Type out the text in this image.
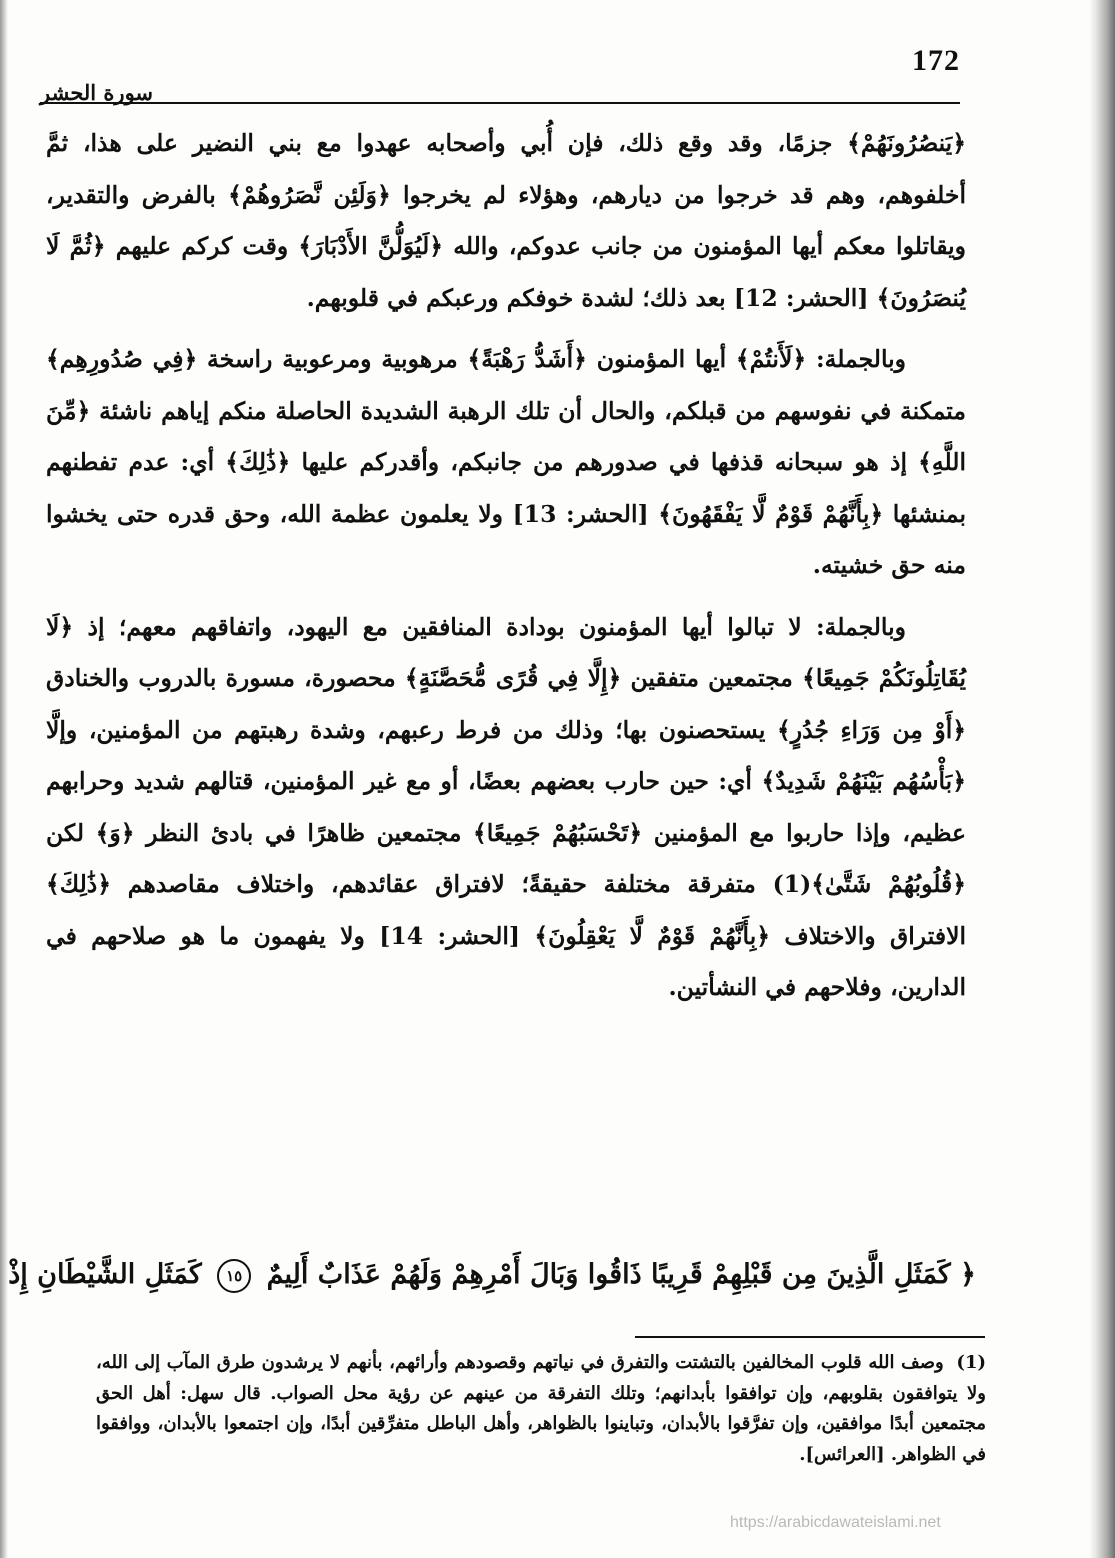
172
سورة الحشر

﴿يَنصُرُونَهُمْ﴾ جزمًا، وقد وقع ذلك، فإن أُبي وأصحابه عهدوا مع بني النضير على هذا، ثمَّ أخلفوهم، وهم قد خرجوا من ديارهم، وهؤلاء لم يخرجوا ﴿وَلَئِن نَّصَرُوهُمْ﴾ بالفرض والتقدير، ويقاتلوا معكم أيها المؤمنون من جانب عدوكم، والله ﴿لَيُوَلُّنَّ الأَدْبَارَ﴾ وقت كركم عليهم ﴿ثُمَّ لَا يُنصَرُونَ﴾ [الحشر: 12] بعد ذلك؛ لشدة خوفكم ورعبكم في قلوبهم.

وبالجملة: ﴿لَأَنتُمْ﴾ أيها المؤمنون ﴿أَشَدُّ رَهْبَةً﴾ مرهوبية ومرعوبية راسخة ﴿فِي صُدُورِهِم﴾ متمكنة في نفوسهم من قبلكم، والحال أن تلك الرهبة الشديدة الحاصلة منكم إياهم ناشئة ﴿مِّنَ اللَّهِ﴾ إذ هو سبحانه قذفها في صدورهم من جانبكم، وأقدركم عليها ﴿ذَٰلِكَ﴾ أي: عدم تفطنهم بمنشئها ﴿بِأَنَّهُمْ قَوْمٌ لَّا يَفْقَهُونَ﴾ [الحشر: 13] ولا يعلمون عظمة الله، وحق قدره حتى يخشوا منه حق خشيته.

وبالجملة: لا تبالوا أيها المؤمنون بودادة المنافقين مع اليهود، واتفاقهم معهم؛ إذ ﴿لَا يُقَاتِلُونَكُمْ جَمِيعًا﴾ مجتمعين متفقين ﴿إِلَّا فِي قُرًى مُّحَصَّنَةٍ﴾ محصورة، مسورة بالدروب والخنادق ﴿أَوْ مِن وَرَاءِ جُدُرٍ﴾ يستحصنون بها؛ وذلك من فرط رعبهم، وشدة رهبتهم من المؤمنين، وإلَّا ﴿بَأْسُهُم بَيْنَهُمْ شَدِيدٌ﴾ أي: حين حارب بعضهم بعضًا، أو مع غير المؤمنين، قتالهم شديد وحرابهم عظيم، وإذا حاربوا مع المؤمنين ﴿تَحْسَبُهُمْ جَمِيعًا﴾ مجتمعين ظاهرًا في بادئ النظر ﴿وَ﴾ لكن ﴿قُلُوبُهُمْ شَتَّىٰ﴾(1) متفرقة مختلفة حقيقةً؛ لافتراق عقائدهم، واختلاف مقاصدهم ﴿ذَٰلِكَ﴾ الافتراق والاختلاف ﴿بِأَنَّهُمْ قَوْمٌ لَّا يَعْقِلُونَ﴾ [الحشر: 14] ولا يفهمون ما هو صلاحهم في الدارين، وفلاحهم في النشأتين.

﴿ كَمَثَلِ الَّذِينَ مِن قَبْلِهِمْ قَرِيبًا ذَاقُوا وَبَالَ أَمْرِهِمْ وَلَهُمْ عَذَابٌ أَلِيمٌ ١٥ كَمَثَلِ الشَّيْطَانِ إِذْ
(1) وصف الله قلوب المخالفين بالتشتت والتفرق في نياتهم وقصودهم وأرائهم، بأنهم لا يرشدون طرق المآب إلى الله، ولا يتوافقون بقلوبهم، وإن توافقوا بأبدانهم؛ وتلك التفرقة من عينهم عن رؤية محل الصواب. قال سهل: أهل الحق مجتمعين أبدًا موافقين، وإن تفرَّقوا بالأبدان، وتباينوا بالظواهر، وأهل الباطل متفرِّقين أبدًا، وإن اجتمعوا بالأبدان، ووافقوا في الظواهر. [العرائس].
https://arabicdawateislami.net
